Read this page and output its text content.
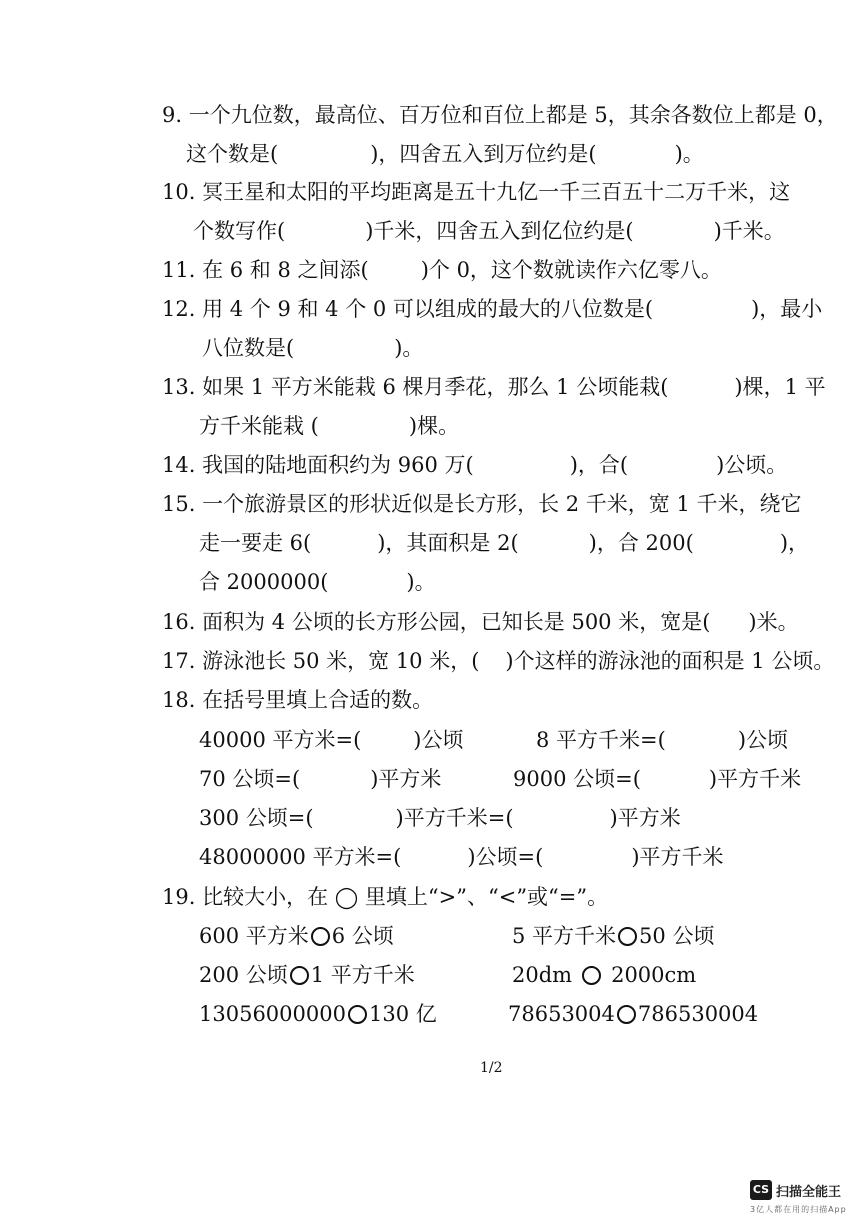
9. 一个九位数，最高位、百万位和百位上都是 5，其余各数位上都是 0，
这个数是(	)，四舍五入到万位约是(	)。
10. 冥王星和太阳的平均距离是五十九亿一千三百五十二万千米，这
个数写作(	)千米，四舍五入到亿位约是(	)千米。
11. 在 6 和 8 之间添( )个 0，这个数就读作六亿零八。
12. 用 4 个 9 和 4 个 0 可以组成的最大的八位数是(	)，最小
八位数是(	)。
13. 如果 1 平方米能栽 6 棵月季花，那么 1 公顷能栽(	)棵，1 平
方千米能栽 (	)棵。
14. 我国的陆地面积约为 960 万(	)，合(	)公顷。
15. 一个旅游景区的形状近似是长方形，长 2 千米，宽 1 千米，绕它
走一要走 6(	)，其面积是 2(	)，合 200(	)，
合 2000000(	)。
16. 面积为 4 公顷的长方形公园，已知长是 500 米，宽是( )米。
17. 游泳池长 50 米，宽 10 米，( )个这样的游泳池的面积是 1 公顷。
18. 在括号里填上合适的数。
40000 平方米=( )公顷	8 平方千米=(	)公顷
70 公顷=(	)平方米	9000 公顷=(	)平方千米
300 公顷=(	)平方千米=(	)平方米
48000000 平方米=(	)公顷=(	)平方千米
19. 比较大小，在 ◯ 里填上“>”、“<”或“=”。
600 平方米 6 公顷	5 平方千米 50 公顷
200 公顷 1 平方千米	20dm 2000cm
13056000000 130 亿	78653004 786530004
1/2
CS 扫描全能王
3亿人都在用的扫描App
